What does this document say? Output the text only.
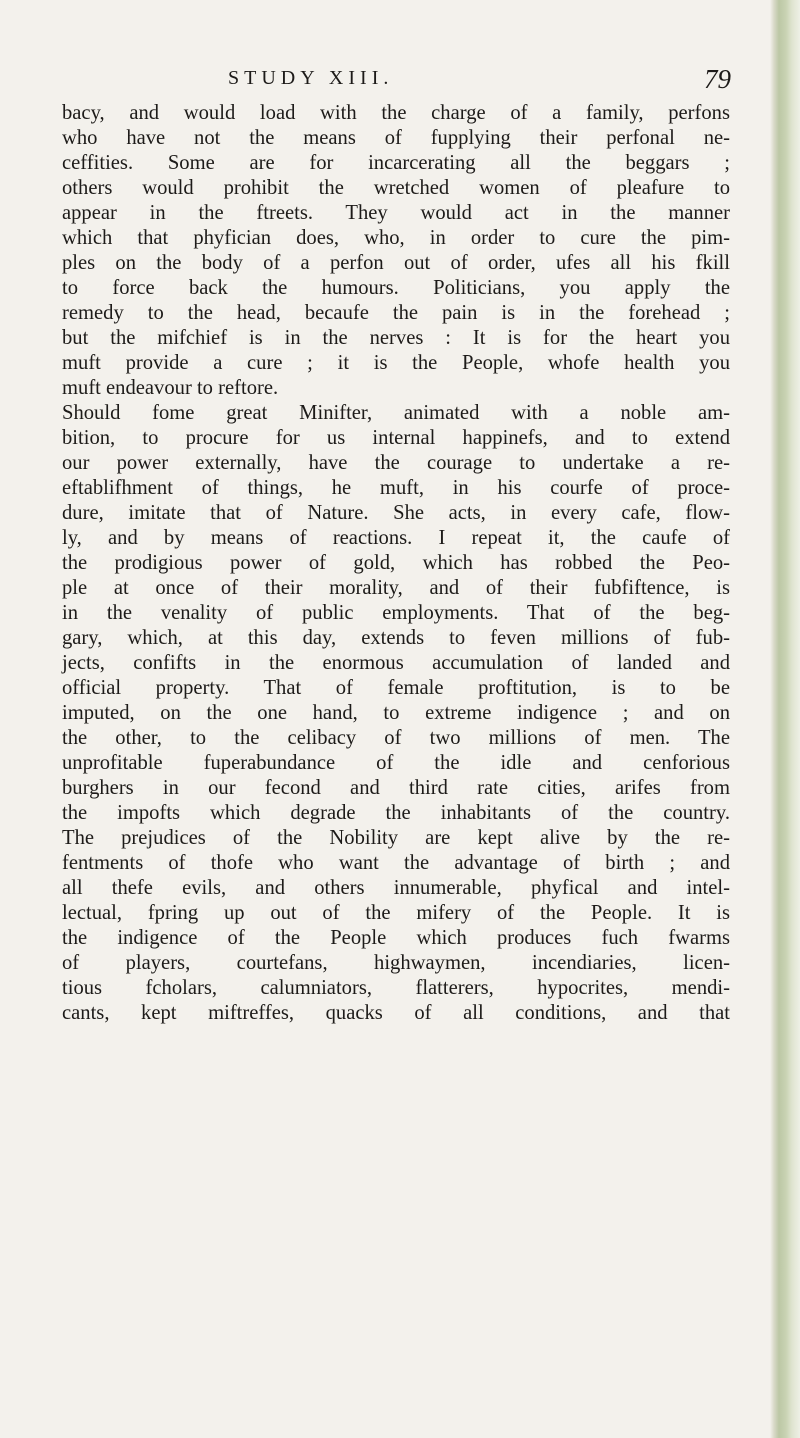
STUDY XIII.	79
bacy, and would load with the charge of a family, perfons
who have not the means of fupplying their perfonal ne-
ceffities. Some are for incarcerating all the beggars ;
others would prohibit the wretched women of pleafure to
appear in the ftreets. They would act in the manner
which that phyfician does, who, in order to cure the pim-
ples on the body of a perfon out of order, ufes all his fkill
to force back the humours. Politicians, you apply the
remedy to the head, becaufe the pain is in the forehead ;
but the mifchief is in the nerves : It is for the heart you
muft provide a cure ; it is the People, whofe health you
muft endeavour to reftore.
Should fome great Minifter, animated with a noble am-
bition, to procure for us internal happinefs, and to extend
our power externally, have the courage to undertake a re-
eftablifhment of things, he muft, in his courfe of proce-
dure, imitate that of Nature. She acts, in every cafe, flow-
ly, and by means of reactions. I repeat it, the caufe of
the prodigious power of gold, which has robbed the Peo-
ple at once of their morality, and of their fubfiftence, is
in the venality of public employments. That of the beg-
gary, which, at this day, extends to feven millions of fub-
jects, confifts in the enormous accumulation of landed and
official property. That of female proftitution, is to be
imputed, on the one hand, to extreme indigence ; and on
the other, to the celibacy of two millions of men. The
unprofitable fuperabundance of the idle and cenforious
burghers in our fecond and third rate cities, arifes from
the impofts which degrade the inhabitants of the country.
The prejudices of the Nobility are kept alive by the re-
fentments of thofe who want the advantage of birth ; and
all thefe evils, and others innumerable, phyfical and intel-
lectual, fpring up out of the mifery of the People. It is
the indigence of the People which produces fuch fwarms
of players, courtefans, highwaymen, incendiaries, licen-
tious fcholars, calumniators, flatterers, hypocrites, mendi-
cants, kept miftreffes, quacks of all conditions, and that
